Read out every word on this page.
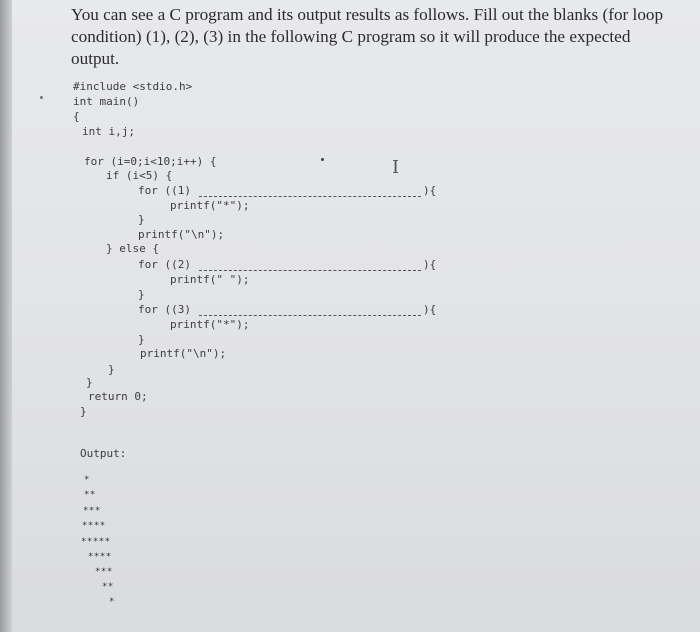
You can see a C program and its output results as follows. Fill out the blanks (for loop condition) (1), (2), (3) in the following C program so it will produce the expected output.
#include <stdio.h>
int main()
{
int i,j;
for (i=0;i<10;i++) {
if (i<5) {
for ((1)	){
printf("*");
}
printf("\n");
} else {
for ((2)	){
printf(" ");
}
for ((3)	){
printf("*");
}
printf("\n");
}
}
return 0;
}
Output:
*
**
***
****
*****
****
***
**
*
I
